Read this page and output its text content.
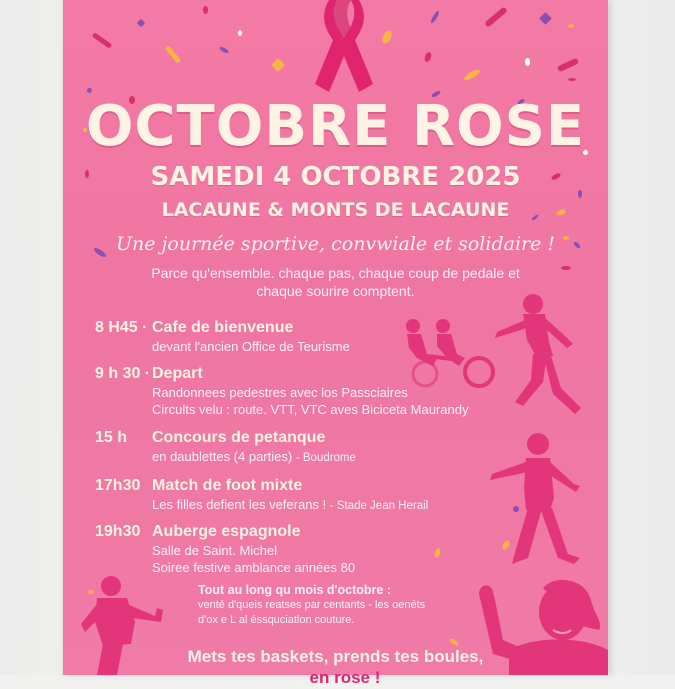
OCTOBRE ROSE
SAMEDI 4 OCTOBRE 2025
LACAUNE & MONTS DE LACAUNE
Une journée sportive, convwiale et solidaire !
Parce qu'ensemble. chaque pas, chaque coup de pedale et
chaque sourire comptent.
8 H45 · Cafe de bienvenue
devant l'ancien Office de Teurisme
9 h 30 · Depart
Randonnees pedestres avec los Passciaires
Circults velu : route. VTT, VTC aves Biciceta Maurandy
15 h	Concours de petanque
en daublettes (4 parties) - Boudrome
17h30 Match de foot mixte
Les filles defient les veferans ! - Stade Jean Herail
19h30 Auberge espagnole
Salle de Saint. Michel
Soiree festive amblance années 80
Tout au long qu mois d'octobre :
venté d'queis reatses par centants - les oenéts
d'ox e L al éssquciatlon couture.
Mets tes baskets, prends tes boules,
... en rose !
